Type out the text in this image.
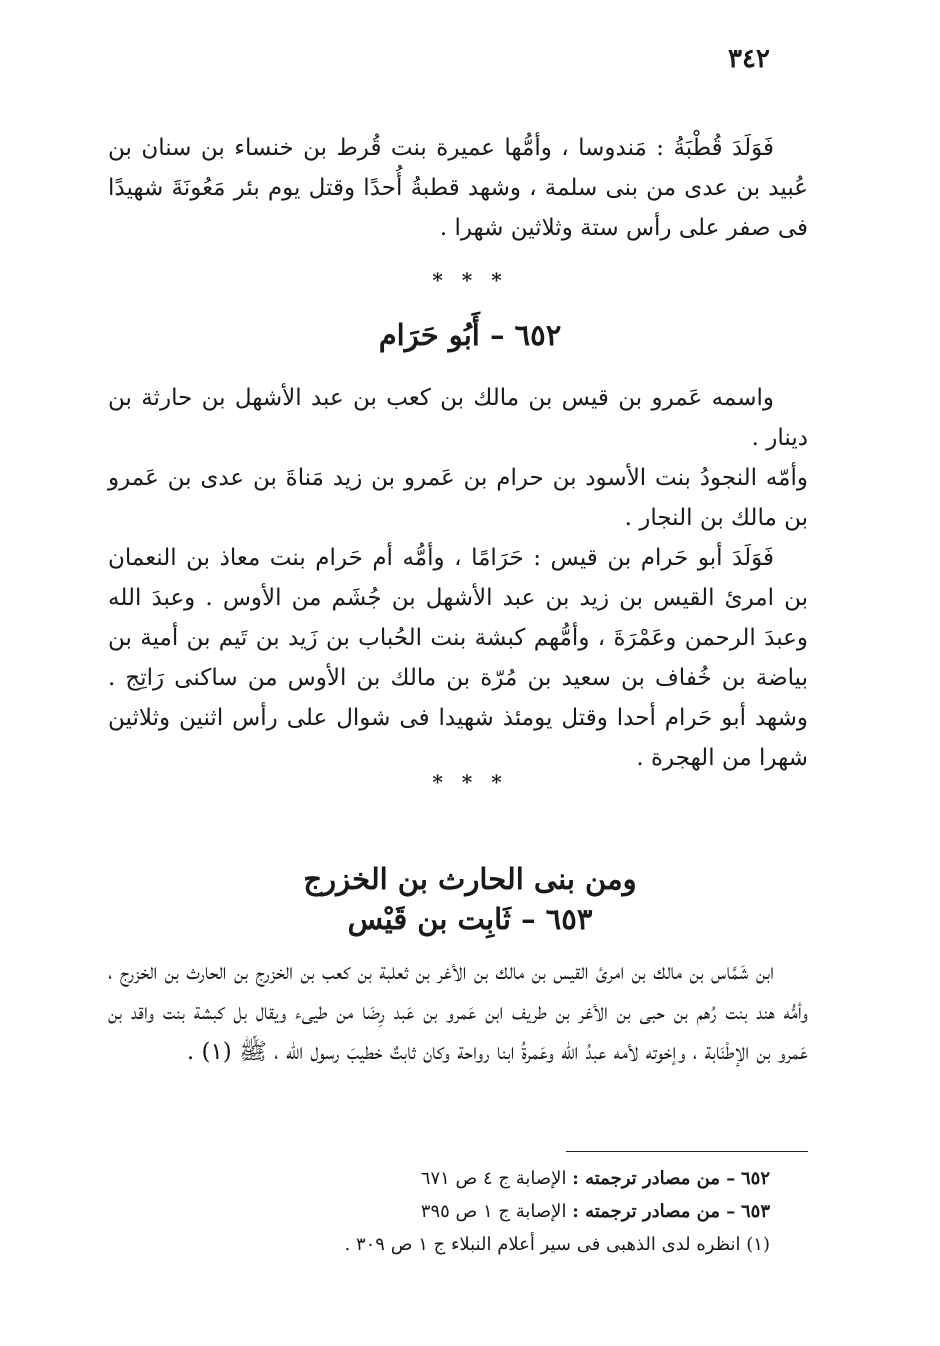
٣٤٢

فَوَلَدَ قُطْبَةُ : مَندوسا ، وأمُّها عميرة بنت قُرط بن خنساء بن سنان بن عُبيد بن عدى من بنى سلمة ، وشهد قطبةُ أُحدًا وقتل يوم بئر مَعُونَةَ شهيدًا فى صفر على رأس ستة وثلاثين شهرا .

* * *
٦٥٢ – أَبُو حَرَام

واسمه عَمرو بن قيس بن مالك بن كعب بن عبد الأشهل بن حارثة بن دينار .

وأمّه النجودُ بنت الأسود بن حرام بن عَمرو بن زيد مَناةَ بن عدى بن عَمرو بن مالك بن النجار .

فَوَلَدَ أبو حَرام بن قيس : حَرَامًا ، وأمُّه أم حَرام بنت معاذ بن النعمان بن امرئ القيس بن زيد بن عبد الأشهل بن جُشَم من الأوس . وعبدَ الله وعبدَ الرحمن وعَمْرَةَ ، وأمُّهم كبشة بنت الحُباب بن زَيد بن تَيم بن أمية بن بياضة بن خُفاف بن سعيد بن مُرّة بن مالك بن الأوس من ساكنى رَاتِج . وشهد أبو حَرام أحدا وقتل يومئذ شهيدا فى شوال على رأس اثنين وثلاثين شهرا من الهجرة .

* * *
ومن بنى الحارث بن الخزرج
٦٥٣ – ثَابِت بن قَيْس

ابن شَمَّاس بن مالك بن امرئ القيس بن مالك بن الأغر بن ثعلبة بن كعب بن الخزرج بن الحارث بن الخزرج ، وأمُّه هند بنت رُهم بن حبى بن الأغر بن طريف ابن عَمرو بن عَبد رِضَا من طيىء ويقال بل كبشة بنت واقد بن عَمرو بن الإطْنَابة ، وإخوته لأمه عبدُ الله وعَمرةُ ابنا رواحة وكان ثابتٌ خطيبَ رسول الله ، ﷺ (١) .

٦٥٢ – من مصادر ترجمته : الإصابة ج ٤ ص ٦٧١
٦٥٣ – من مصادر ترجمته : الإصابة ج ١ ص ٣٩٥
(١) انظره لدى الذهبى فى سير أعلام النبلاء ج ١ ص ٣٠٩ .
